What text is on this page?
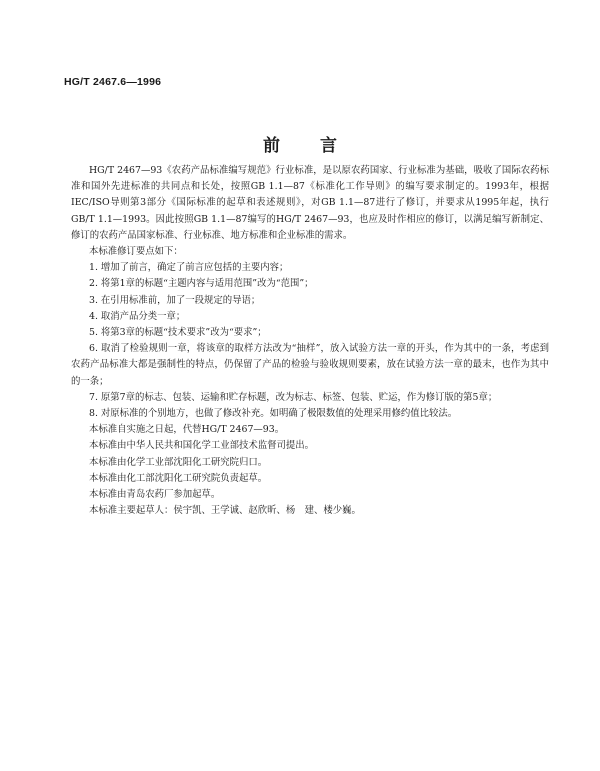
HG/T 2467.6—1996
前言

HG/T 2467—93《农药产品标准编写规范》行业标准，是以原农药国家、行业标准为基础，吸收了国际农药标准和国外先进标准的共同点和长处，按照GB 1.1—87《标准化工作导则》的编写要求制定的。1993年，根据IEC/ISO导则第3部分《国际标准的起草和表述规则》，对GB 1.1—87进行了修订，并要求从1995年起，执行GB/T 1.1—1993。因此按照GB 1.1—87编写的HG/T 2467—93，也应及时作相应的修订，以满足编写新制定、修订的农药产品国家标准、行业标准、地方标准和企业标准的需求。

本标准修订要点如下：

1. 增加了前言，确定了前言应包括的主要内容；

2. 将第1章的标题“主题内容与适用范围”改为“范围”；

3. 在引用标准前，加了一段规定的导语；

4. 取消产品分类一章；

5. 将第3章的标题“技术要求”改为“要求”；

6. 取消了检验规则一章，将该章的取样方法改为“抽样”，放入试验方法一章的开头，作为其中的一条，考虑到农药产品标准大都是强制性的特点，仍保留了产品的检验与验收规则要素，放在试验方法一章的最末，也作为其中的一条；

7. 原第7章的标志、包装、运输和贮存标题，改为标志、标签、包装、贮运，作为修订版的第5章；

8. 对原标准的个别地方，也做了修改补充。如明确了极限数值的处理采用修约值比较法。

本标准自实施之日起，代替HG/T 2467—93。

本标准由中华人民共和国化学工业部技术监督司提出。

本标准由化学工业部沈阳化工研究院归口。

本标准由化工部沈阳化工研究院负责起草。

本标准由青岛农药厂参加起草。

本标准主要起草人：侯宇凯、王学诚、赵欣昕、杨　建、楼少巍。
